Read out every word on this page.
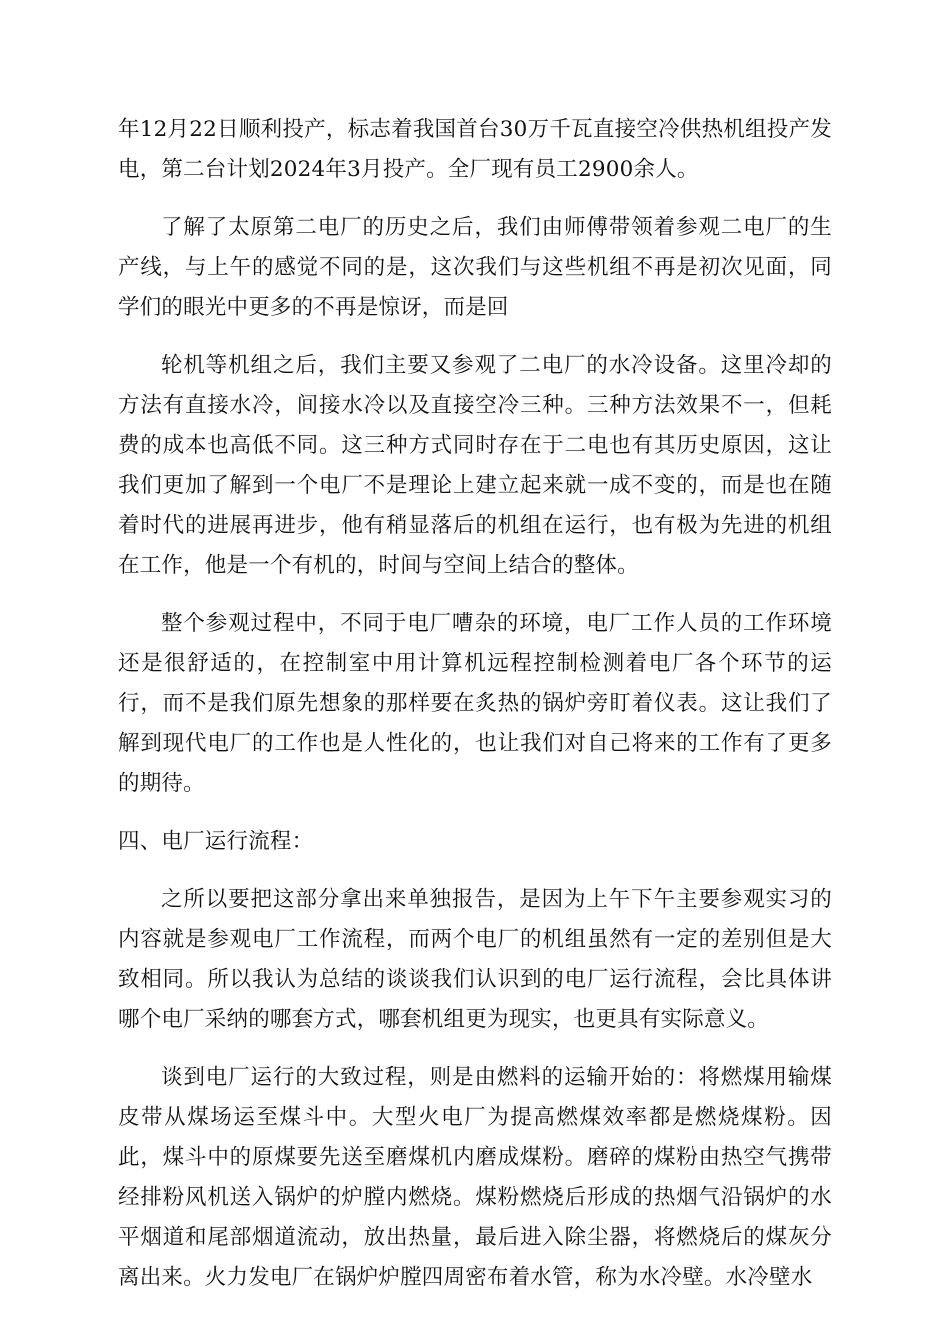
年12月22日顺利投产，标志着我国首台30万千瓦直接空冷供热机组投产发电，第二台计划2024年3月投产。全厂现有员工2900余人。

了解了太原第二电厂的历史之后，我们由师傅带领着参观二电厂的生产线，与上午的感觉不同的是，这次我们与这些机组不再是初次见面，同学们的眼光中更多的不再是惊讶，而是回

轮机等机组之后，我们主要又参观了二电厂的水冷设备。这里冷却的方法有直接水冷，间接水冷以及直接空冷三种。三种方法效果不一，但耗费的成本也高低不同。这三种方式同时存在于二电也有其历史原因，这让我们更加了解到一个电厂不是理论上建立起来就一成不变的，而是也在随着时代的进展再进步，他有稍显落后的机组在运行，也有极为先进的机组在工作，他是一个有机的，时间与空间上结合的整体。

整个参观过程中，不同于电厂嘈杂的环境，电厂工作人员的工作环境还是很舒适的，在控制室中用计算机远程控制检测着电厂各个环节的运行，而不是我们原先想象的那样要在炙热的锅炉旁盯着仪表。这让我们了解到现代电厂的工作也是人性化的，也让我们对自己将来的工作有了更多的期待。

四、电厂运行流程：

之所以要把这部分拿出来单独报告，是因为上午下午主要参观实习的内容就是参观电厂工作流程，而两个电厂的机组虽然有一定的差别但是大致相同。所以我认为总结的谈谈我们认识到的电厂运行流程，会比具体讲哪个电厂采纳的哪套方式，哪套机组更为现实，也更具有实际意义。

谈到电厂运行的大致过程，则是由燃料的运输开始的：将燃煤用输煤皮带从煤场运至煤斗中。大型火电厂为提高燃煤效率都是燃烧煤粉。因此，煤斗中的原煤要先送至磨煤机内磨成煤粉。磨碎的煤粉由热空气携带经排粉风机送入锅炉的炉膛内燃烧。煤粉燃烧后形成的热烟气沿锅炉的水平烟道和尾部烟道流动，放出热量，最后进入除尘器，将燃烧后的煤灰分离出来。火力发电厂在锅炉炉膛四周密布着水管，称为水冷壁。水冷壁水
